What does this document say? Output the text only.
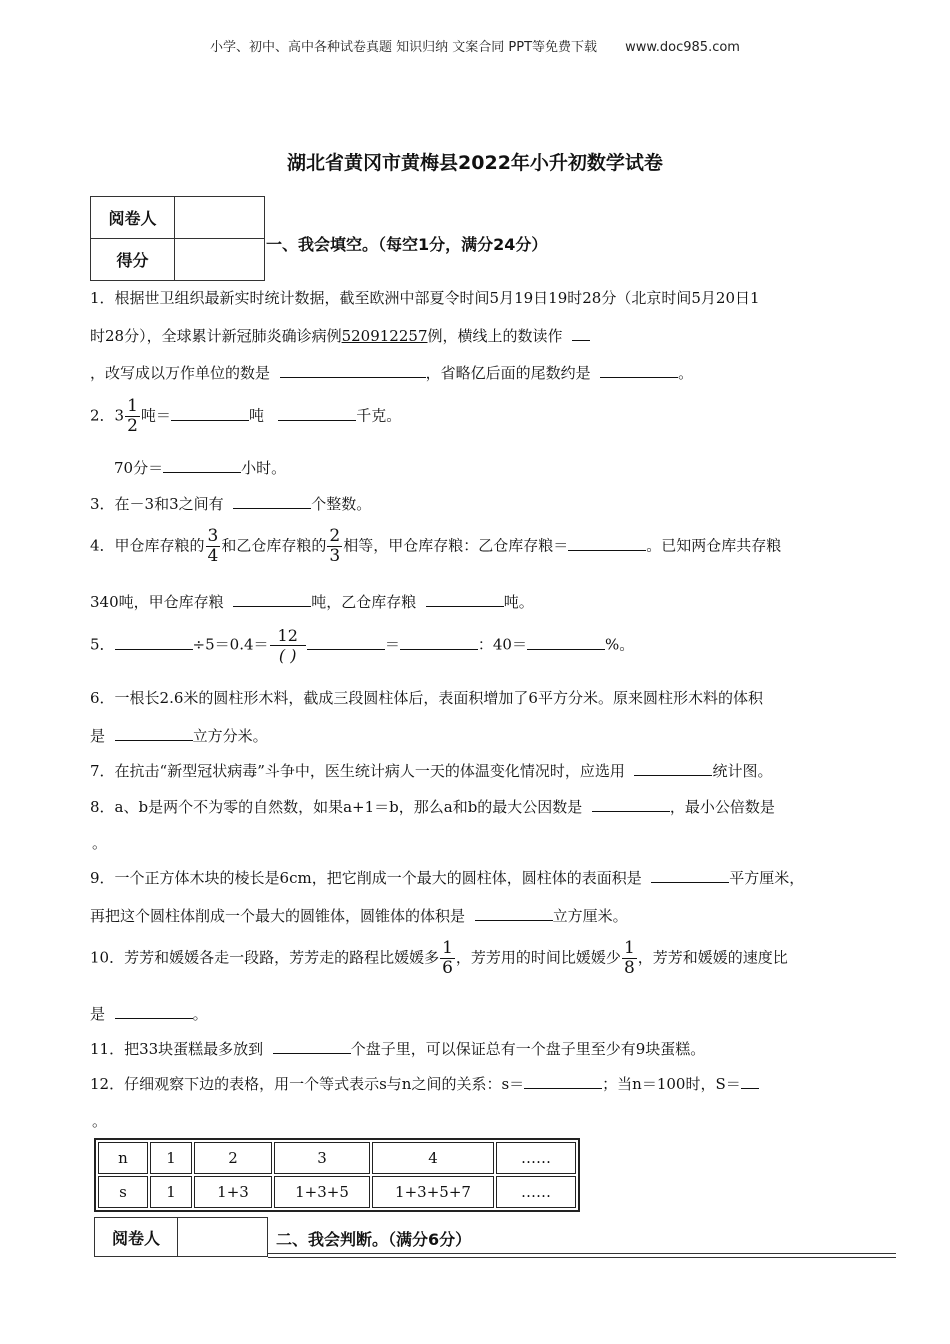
小学、初中、高中各种试卷真题 知识归纳 文案合同 PPT等免费下载 www.doc985.com
湖北省黄冈市黄梅县2022年小升初数学试卷
阅卷人	
得分	
一、我会填空。（每空1分，满分24分）
1．根据世卫组织最新实时统计数据，截至欧洲中部夏令时间5月19日19时28分（北京时间5月20日1
时28分），全球累计新冠肺炎确诊病例520912257例，横线上的数读作
，改写成以万作单位的数是	，省略亿后面的尾数约是	。
2．$3 \frac{1}{2}$ 吨＝	吨	千克。
70分＝	小时。
3．在－3和3之间有	个整数。
4．甲仓库存粮的 $\frac{3}{4}$ 和乙仓库存粮的 $\frac{2}{3}$ 相等，甲仓库存粮：乙仓库存粮＝	。已知两仓库共存粮
340吨，甲仓库存粮	吨，乙仓库存粮	吨。
5．	$\div 5=0.4= \frac{12}{( )}$	＝	：40＝	%。
6．一根长2.6米的圆柱形木料，截成三段圆柱体后，表面积增加了6平方分米。原来圆柱形木料的体积
是	立方分米。
7．在抗击“新型冠状病毒”斗争中，医生统计病人一天的体温变化情况时，应选用	统计图。
8．a、b是两个不为零的自然数，如果a+1＝b，那么a和b的最大公因数是	，最小公倍数是
。
9．一个正方体木块的棱长是6cm，把它削成一个最大的圆柱体，圆柱体的表面积是	平方厘米，
再把这个圆柱体削成一个最大的圆锥体，圆锥体的体积是	立方厘米。
10．芳芳和媛媛各走一段路，芳芳走的路程比媛媛多 $\frac{1}{6}$ ，芳芳用的时间比媛媛少 $\frac{1}{8}$ ，芳芳和媛媛的速度比
是	。
11．把33块蛋糕最多放到	个盘子里，可以保证总有一个盘子里至少有9块蛋糕。
12．仔细观察下边的表格，用一个等式表示s与n之间的关系：s＝	；当n＝100时，S＝
。
n	1	2	3	4	……
s	1	1+3	1+3+5	1+3+5+7	……
阅卷人		二、我会判断。（满分6分）
